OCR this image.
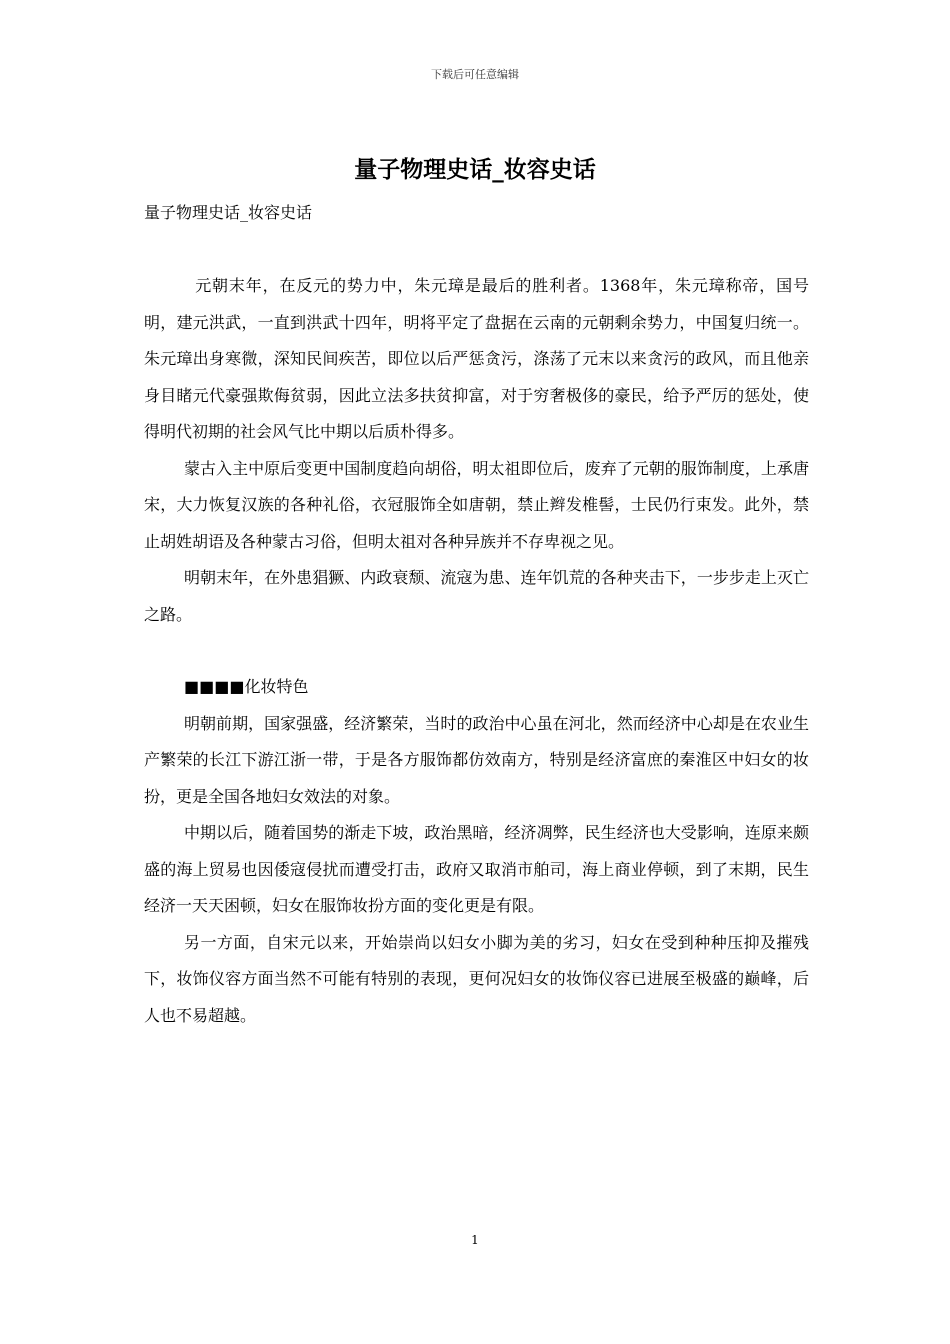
下载后可任意编辑
量子物理史话_妆容史话

量子物理史话_妆容史话

元朝末年，在反元的势力中，朱元璋是最后的胜利者。1368年，朱元璋称帝，国号明，建元洪武，一直到洪武十四年，明将平定了盘据在云南的元朝剩余势力，中国复归统一。 朱元璋出身寒微，深知民间疾苦，即位以后严惩贪污，涤荡了元末以来贪污的政风，而且他亲身目睹元代豪强欺侮贫弱，因此立法多扶贫抑富，对于穷奢极侈的豪民，给予严厉的惩处，使得明代初期的社会风气比中期以后质朴得多。

蒙古入主中原后变更中国制度趋向胡俗，明太祖即位后，废弃了元朝的服饰制度，上承唐宋，大力恢复汉族的各种礼俗，衣冠服饰全如唐朝，禁止辫发椎髻，士民仍行束发。此外，禁止胡姓胡语及各种蒙古习俗，但明太祖对各种异族并不存卑视之见。

明朝末年，在外患猖獗、内政衰颓、流寇为患、连年饥荒的各种夹击下，一步步走上灭亡之路。

■■■■化妆特色

明朝前期，国家强盛，经济繁荣，当时的政治中心虽在河北，然而经济中心却是在农业生产繁荣的长江下游江浙一带，于是各方服饰都仿效南方，特别是经济富庶的秦淮区中妇女的妆扮，更是全国各地妇女效法的对象。

中期以后，随着国势的渐走下坡，政治黑暗，经济凋弊，民生经济也大受影响，连原来颇盛的海上贸易也因倭寇侵扰而遭受打击，政府又取消市舶司，海上商业停顿，到了末期，民生经济一天天困顿，妇女在服饰妆扮方面的变化更是有限。

另一方面，自宋元以来，开始崇尚以妇女小脚为美的劣习，妇女在受到种种压抑及摧残下，妆饰仪容方面当然不可能有特别的表现，更何况妇女的妆饰仪容已进展至极盛的巅峰，后人也不易超越。

1
